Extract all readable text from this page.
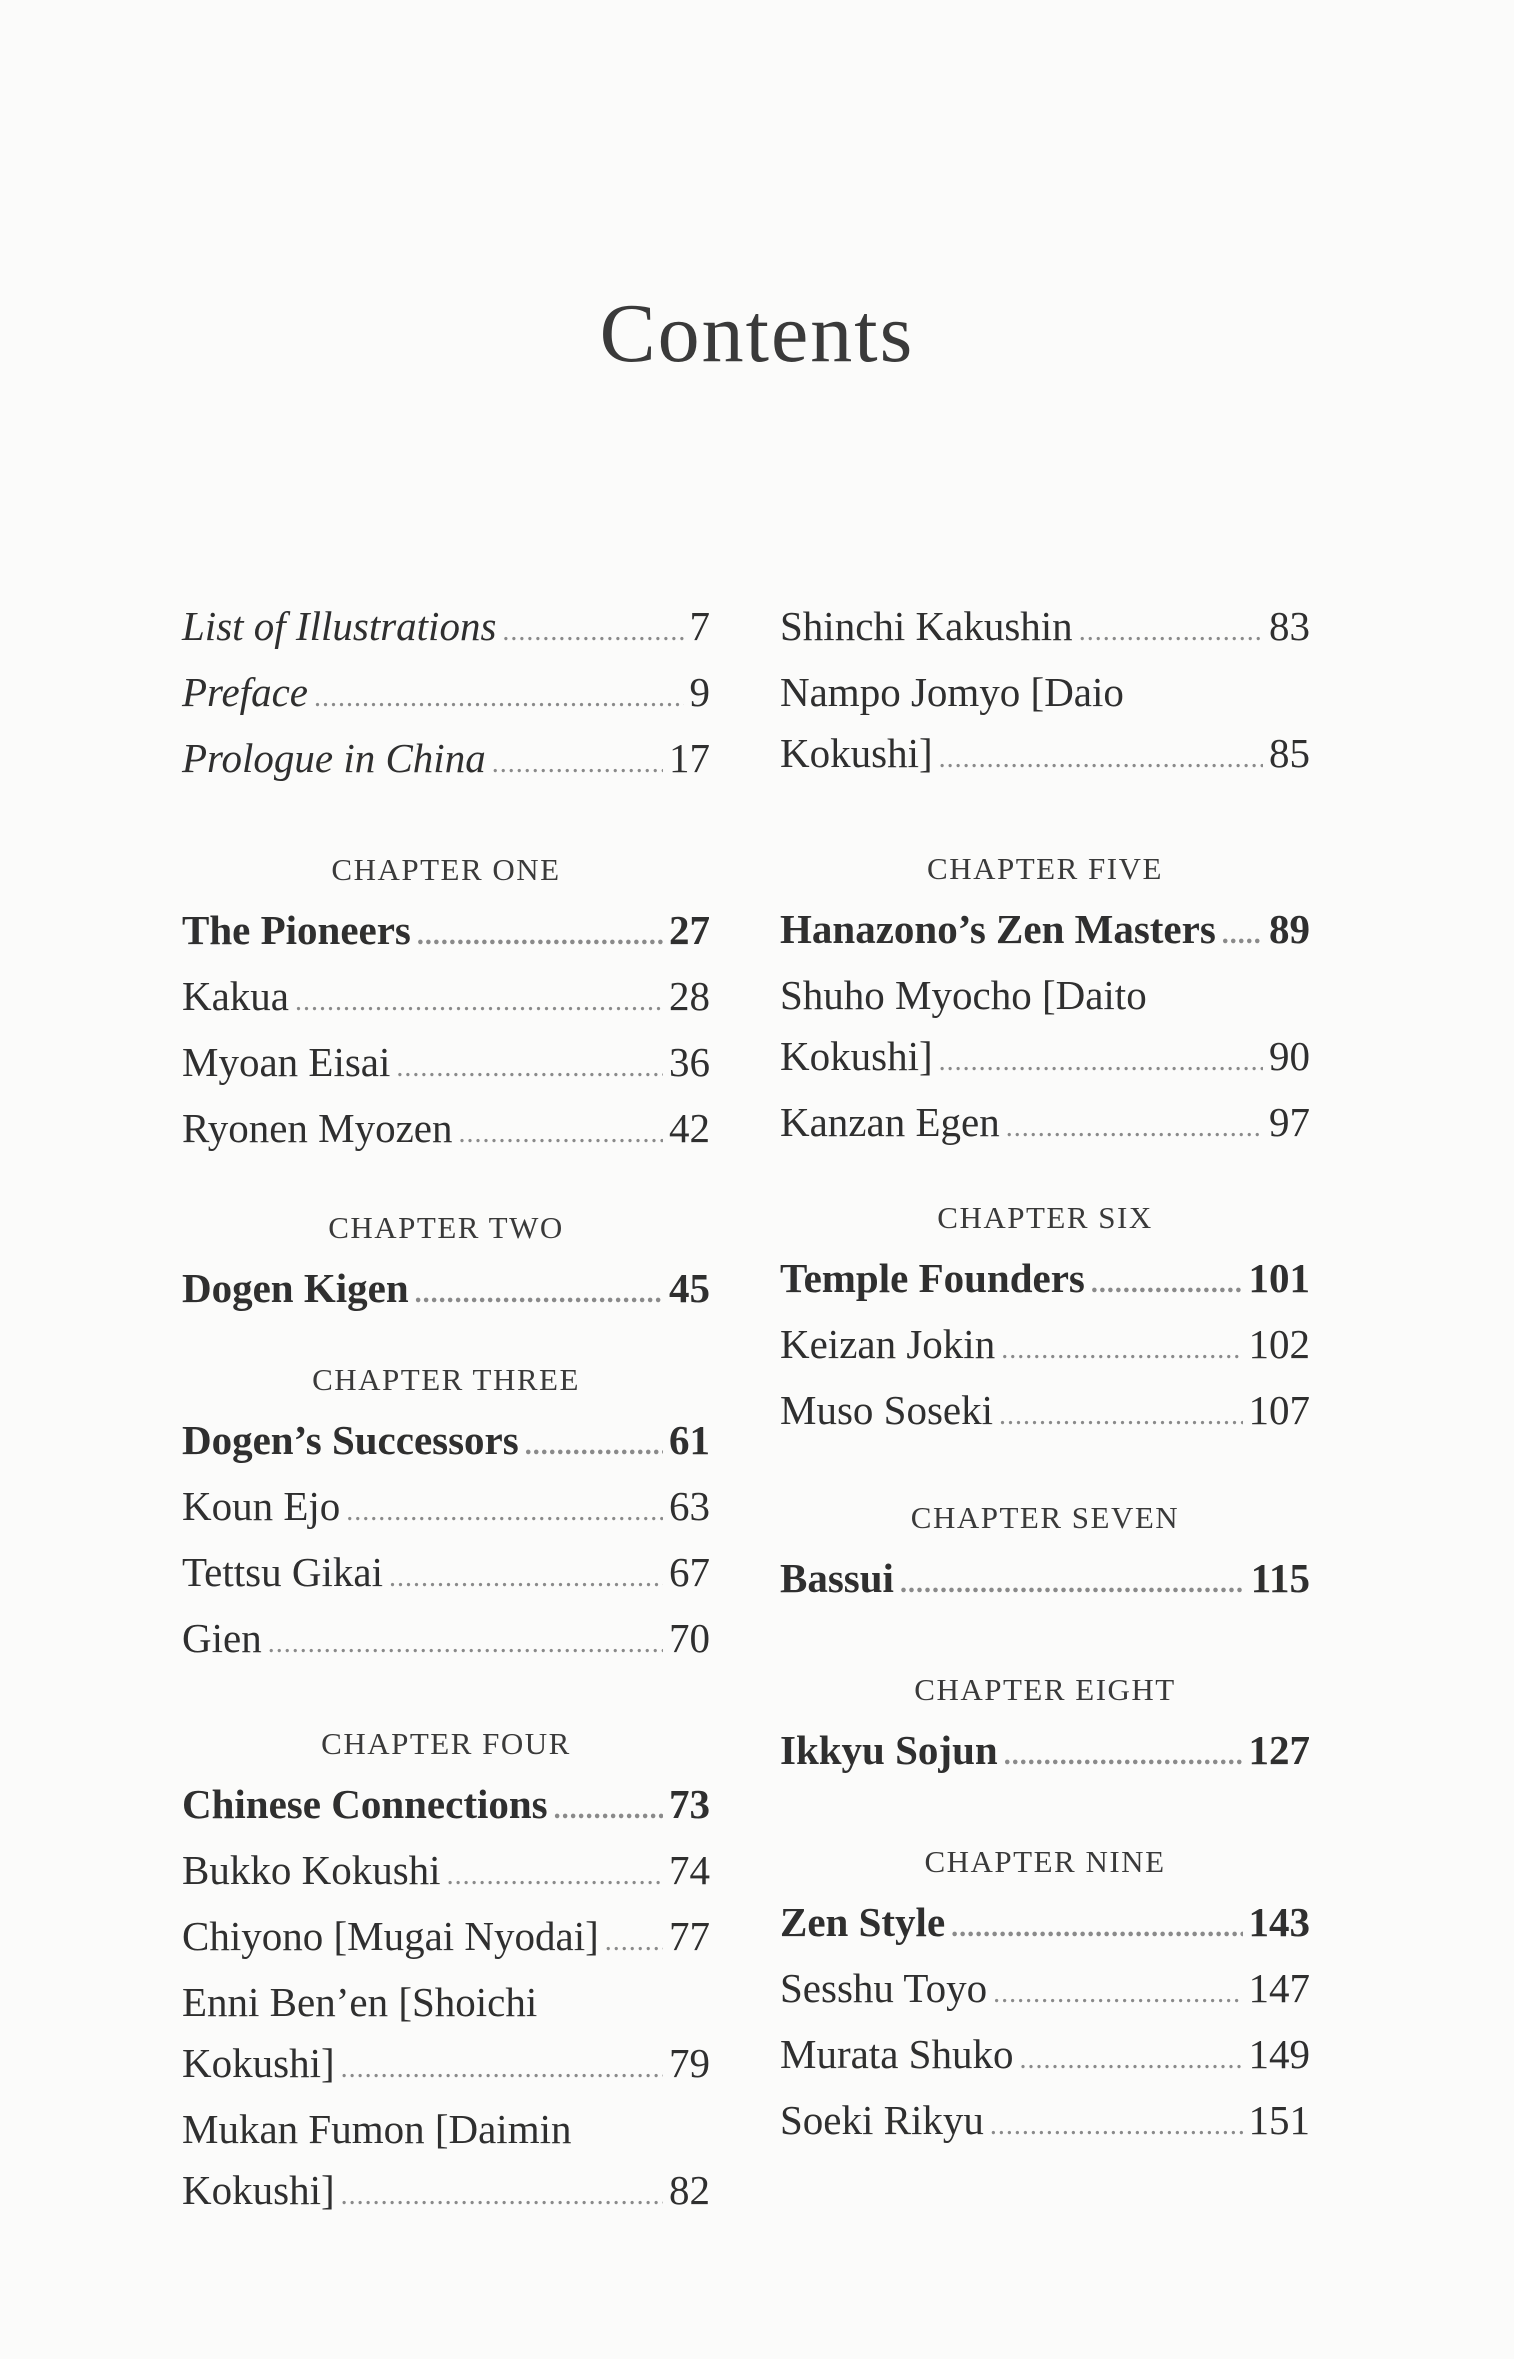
Contents
List of Illustrations .....	7
Preface .....	9
Prologue in China .....	17
CHAPTER ONE
The Pioneers .....	27
Kakua .....	28
Myoan Eisai .....	36
Ryonen Myozen .....	42
CHAPTER TWO
Dogen Kigen .....	45
CHAPTER THREE
Dogen’s Successors .....	61
Koun Ejo .....	63
Tettsu Gikai .....	67
Gien .....	70
CHAPTER FOUR
Chinese Connections .....	73
Bukko Kokushi .....	74
Chiyono [Mugai Nyodai] ..... 77
Enni Ben’en [Shoichi
Kokushi] .....	79
Mukan Fumon [Daimin
Kokushi] .....	82
Shinchi Kakushin .....	83
Nampo Jomyo [Daio
Kokushi] .....	85
CHAPTER FIVE
Hanazono’s Zen Masters ..... 89
Shuho Myocho [Daito
Kokushi] .....	90
Kanzan Egen .....	97
CHAPTER SIX
Temple Founders .....	101
Keizan Jokin .....	102
Muso Soseki .....	107
CHAPTER SEVEN
Bassui .....	115
CHAPTER EIGHT
Ikkyu Sojun .....	127
CHAPTER NINE
Zen Style .....	143
Sesshu Toyo .....	147
Murata Shuko .....	149
Soeki Rikyu .....	151
